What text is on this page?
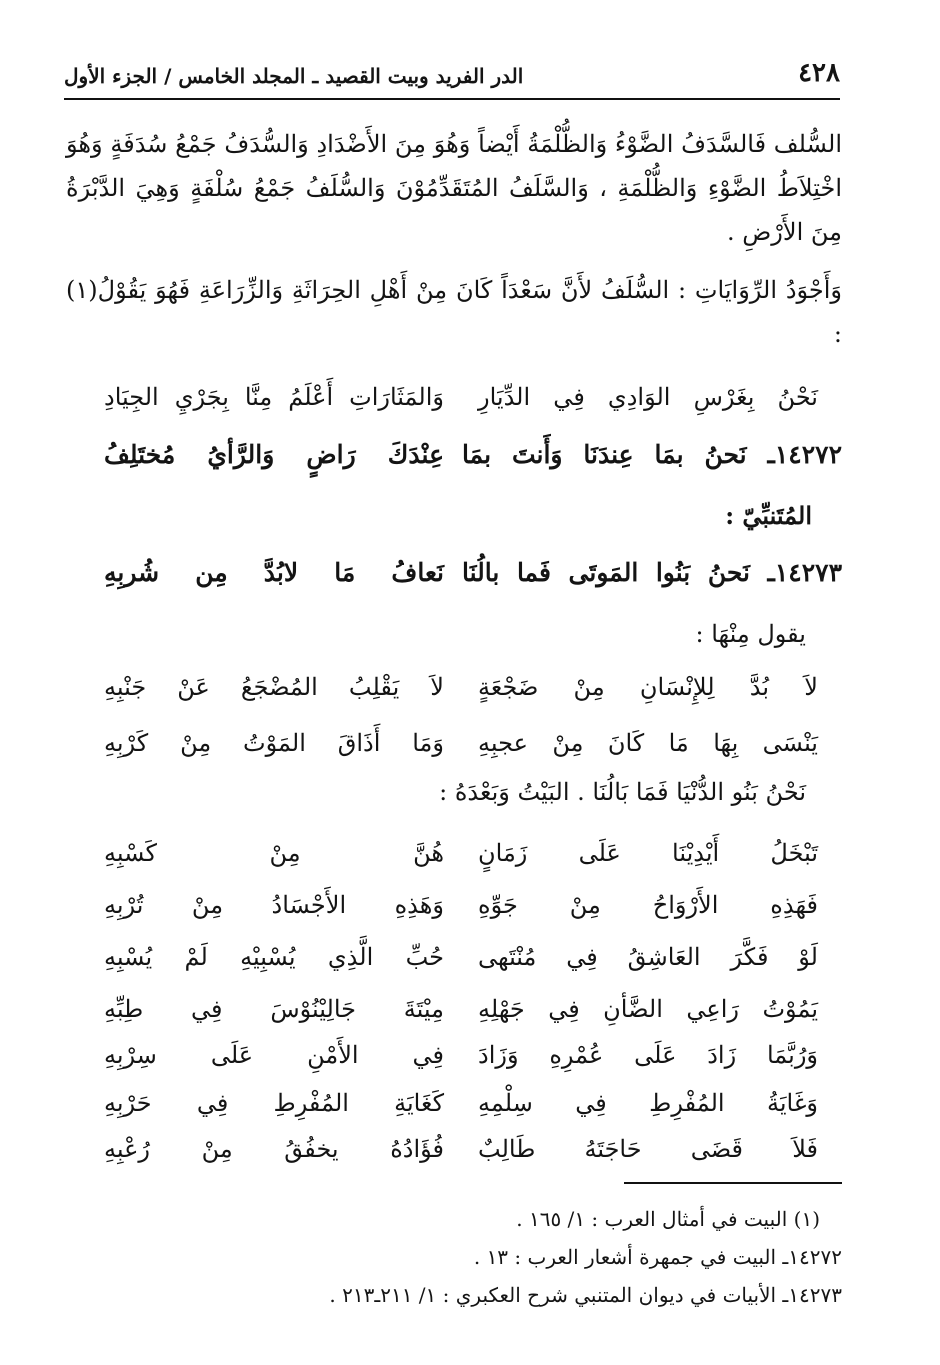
٤٢٨
الدر الفريد وبيت القصيد ـ المجلد الخامس / الجزء الأول
السُّلف فَالسَّدَفُ الضَّوْءُ وَالظُّلْمَةُ أَيْضاً وَهُوَ مِنَ الأَضْدَادِ وَالسُّدَفُ جَمْعُ سُدَفَةٍ وَهُوَ اخْتِلاَطُ الضَّوْءِ وَالظُّلْمَةِ ، وَالسَّلَفُ المُتَقَدِّمُوْنَ وَالسُّلَفُ جَمْعُ سُلْفَةٍ وَهِيَ الدَّبْرَةُ مِنَ الأَرْضِ .
وَأَجْوَدُ الرِّوَايَاتِ : السُّلَفُ لأَنَّ سَعْدَاً كَانَ مِنْ أَهْلِ الحِرَاثَةِ وَالزِّرَاعَةِ فَهُوَ يَقُوْلُ(١) :
نَحْنُ بِغَرْسِ الوَادِي فِي الدِّيَارِ
وَالمَثَارَاتِ أَعْلَمُ مِنَّا بِجَرْيِ الجِيَادِ
١٤٢٧٢ـ نَحنُ بمَا عِندَنَا وَأَنتَ بمَا
عِنْدَكَ رَاضٍ وَالرَّأيُ مُختَلِفُ
المُتَنبِّيّ :
١٤٢٧٣ـ نَحنُ بَنُوا المَوتَى فَما بالُنَا
نَعافُ مَا لابُدَّ مِن شُربِهِ
يقول مِنْهَا :
لاَ بُدَّ لِلإِنْسَانِ مِنْ ضَجْعَةٍ
لاَ يَقْلِبُ المُضْجَعُ عَنْ جَنْبِهِ
يَنْسَى بِهَا مَا كَانَ مِنْ عجبِهِ
وَمَا أَذَاقَ المَوْتُ مِنْ كَرْبِهِ
نَحْنُ بَنُو الدُّنْيَا فَمَا بَالُنَا . البَيْتُ وَبَعْدَهُ :
تَبْخَلُ أَيْدِيْنَا عَلَى زَمَانٍ
هُنَّ مِنْ كَسْبِهِ
فَهَذِهِ الأَرْوَاحُ مِنْ جَوِّهِ
وَهَذِهِ الأَجْسَادُ مِنْ تُرْبِهِ
لَوْ فَكَّرَ العَاشِقُ فِي مُنْتَهى
حُبِّ الَّذِي يُسْبِيْهِ لَمْ يُسْبِهِ
يَمُوْتُ رَاعِي الضَّأنِ فِي جَهْلِهِ
مِيْتَةَ جَالِيْنُوْسَ فِي طِبِّهِ
وَرُبَّمَا زَادَ عَلَى عُمْرِهِ وَزَادَ
فِي الأَمْنِ عَلَى سِرْبِهِ
وَغَايَةُ المُفْرِطِ فِي سِلْمِهِ
كَغَايَةِ المُفْرِطِ فِي حَرْبِهِ
فَلاَ قَضَى حَاجَتَهُ طَالِبٌ
فُؤَادُهُ يخفُقُ مِنْ رُعْبِهِ
(١) البيت في أمثال العرب : ١/ ١٦٥ .
١٤٢٧٢ـ البيت في جمهرة أشعار العرب : ١٣ .
١٤٢٧٣ـ الأبيات في ديوان المتنبي شرح العكبري : ١/ ٢١١ـ٢١٣ .
